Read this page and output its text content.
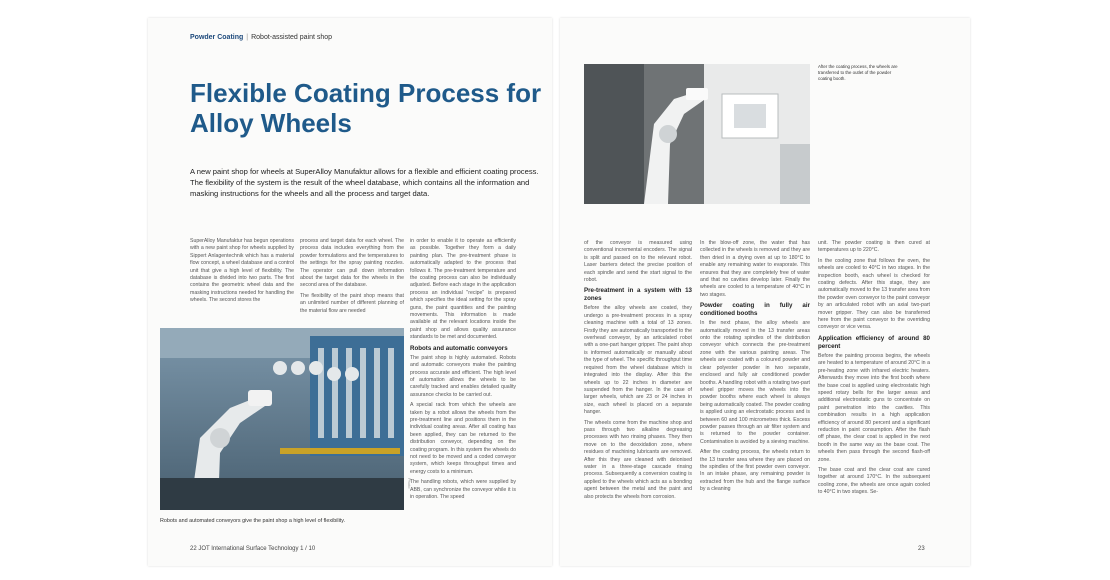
Powder Coating | Robot-assisted paint shop
Flexible Coating Process for Alloy Wheels

A new paint shop for wheels at SuperAlloy Manufaktur allows for a flexible and efficient coating process. The flexibility of the system is the result of the wheel database, which contains all the information and masking instructions for the wheels and all the process and target data.

SuperAlloy Manufaktur has begun operations with a new paint shop for wheels supplied by Sippert Anlagentechnik which has a material flow concept, a wheel database and a control unit that give a high level of flexibility. The database is divided into two parts. The first contains the geometric wheel data and the masking instructions needed for handling the wheels. The second stores the

process and target data for each wheel. The process data includes everything from the powder formulations and the temperatures to the settings for the spray painting nozzles. The operator can pull down information about the target data for the wheels in the second area of the database.

The flexibility of the paint shop means that an unlimited number of different planning of the material flow are needed

in order to enable it to operate as efficiently as possible. Together they form a daily painting plan. The pre-treatment phase is automatically adapted to the process that follows it. The pre-treatment temperature and the coating process can also be individually adjusted. Before each stage in the application process an individual "recipe" is prepared which specifies the ideal setting for the spray guns, the paint quantities and the painting movements. This information is made available at the relevant locations inside the paint shop and allows quality assurance standards to be met and documented.

Robots and automatic conveyors

The paint shop is highly automated. Robots and automatic conveyors make the painting process accurate and efficient. The high level of automation allows the wheels to be carefully tracked and enables detailed quality assurance checks to be carried out.

A special rack from which the wheels are taken by a robot allows the wheels from the pre-treatment line and positions them in the individual coating areas. After all coating has been applied, they can be returned to the distribution conveyor, depending on the coating program. In this system the wheels do not need to be moved and a coded conveyor system, which keeps throughput times and energy costs to a minimum.

The handling robots, which were supplied by ABB, can synchronize the conveyor while it is in operation. The speed

Photo
Robots and automated conveyors give the paint shop a high level of flexibility.
22 JOT International Surface Technology 1 / 10
After the coating process, the wheels are transferred to the outlet of the powder coating booth.

of the conveyor is measured using conventional incremental encoders. The signal is split and passed on to the relevant robot. Laser barriers detect the precise position of each spindle and send the start signal to the robot.

Pre-treatment in a system with 13 zones

Before the alloy wheels are coated, they undergo a pre-treatment process in a spray cleaning machine with a total of 13 zones. Firstly they are automatically transported to the overhead conveyor, by an articulated robot with a one-part hanger gripper. The paint shop is informed automatically or manually about the type of wheel. The specific throughput time required from the wheel database which is integrated into the display. After this the wheels up to 22 inches in diameter are suspended from the hanger. In the case of larger wheels, which are 23 or 24 inches in size, each wheel is placed on a separate hanger.

The wheels come from the machine shop and pass through two alkaline degreasing processes with two rinsing phases. They then move on to the deoxidation zone, where residues of machining lubricants are removed. After this they are cleaned with deionised water in a three-stage cascade rinsing process. Subsequently a conversion coating is applied to the wheels which acts as a bonding agent between the metal and the paint and also protects the wheels from corrosion.

In the blow-off zone, the water that has collected in the wheels is removed and they are then dried in a drying oven at up to 180°C to enable any remaining water to evaporate. This ensures that they are completely free of water and that no cavities develop later. Finally the wheels are cooled to a temperature of 40°C in two stages.

Powder coating in fully air conditioned booths

In the next phase, the alloy wheels are automatically moved in the 13 transfer areas onto the rotating spindles of the distribution conveyor which connects the pre-treatment zone with the various painting areas. The wheels are coated with a coloured powder and clear polyester powder in two separate, enclosed and fully air conditioned powder booths. A handling robot with a rotating two-part wheel gripper moves the wheels into the powder booths where each wheel is always being automatically coated. The powder coating is applied using an electrostatic process and is between 60 and 100 micrometres thick. Excess powder passes through an air filter system and is returned to the powder container. Contamination is avoided by a sieving machine.

After the coating process, the wheels return to the 13 transfer area where they are placed on the spindles of the first powder oven conveyor. In an intake phase, any remaining powder is extracted from the hub and the flange surface by a cleaning

unit. The powder coating is then cured at temperatures up to 220°C.

In the cooling zone that follows the oven, the wheels are cooled to 40°C in two stages. In the inspection booth, each wheel is checked for coating defects. After this stage, they are automatically moved to the 13 transfer area from the powder oven conveyor to the paint conveyor by an articulated robot with an axial two-part mover gripper. They can also be transferred here from the paint conveyor to the overriding conveyor or vice versa.

Application efficiency of around 80 percent

Before the painting process begins, the wheels are heated to a temperature of around 20°C in a pre-heating zone with infrared electric heaters. Afterwards they move into the first booth where the base coat is applied using electrostatic high speed rotary bells for the larger areas and additional electrostatic guns to concentrate on paint penetration into the cavities. This combination results in a high application efficiency of around 80 percent and a significant reduction in paint consumption. After the flash off phase, the clear coat is applied in the next booth in the same way as the base coat. The wheels then pass through the second flash-off zone.

The base coat and the clear coat are cured together at around 170°C. In the subsequent cooling zone, the wheels are once again cooled to 40°C in two stages. Se-

23
